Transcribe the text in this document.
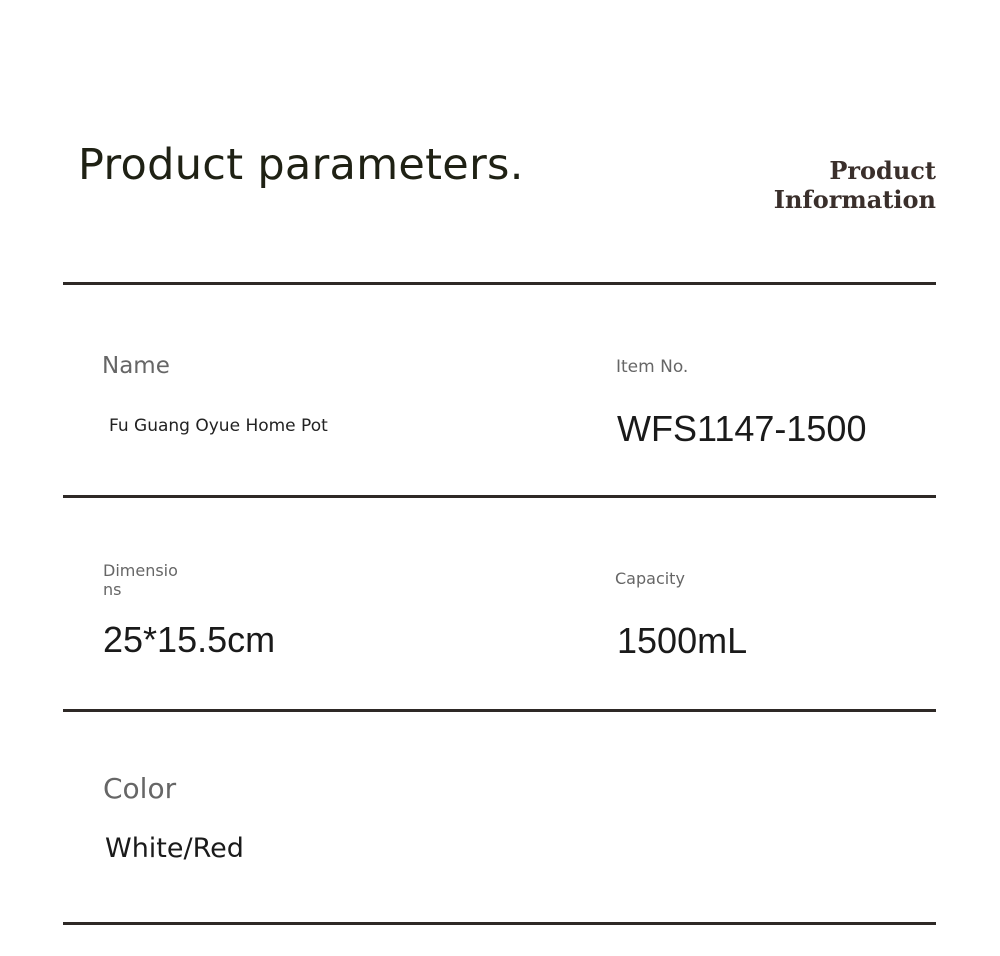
Product parameters.	Product
Information
Name
Fu Guang Oyue Home Pot
Item No.
WFS1147-1500
Dimensions
25*15.5cm
Capacity
1500mL
Color
White/Red
